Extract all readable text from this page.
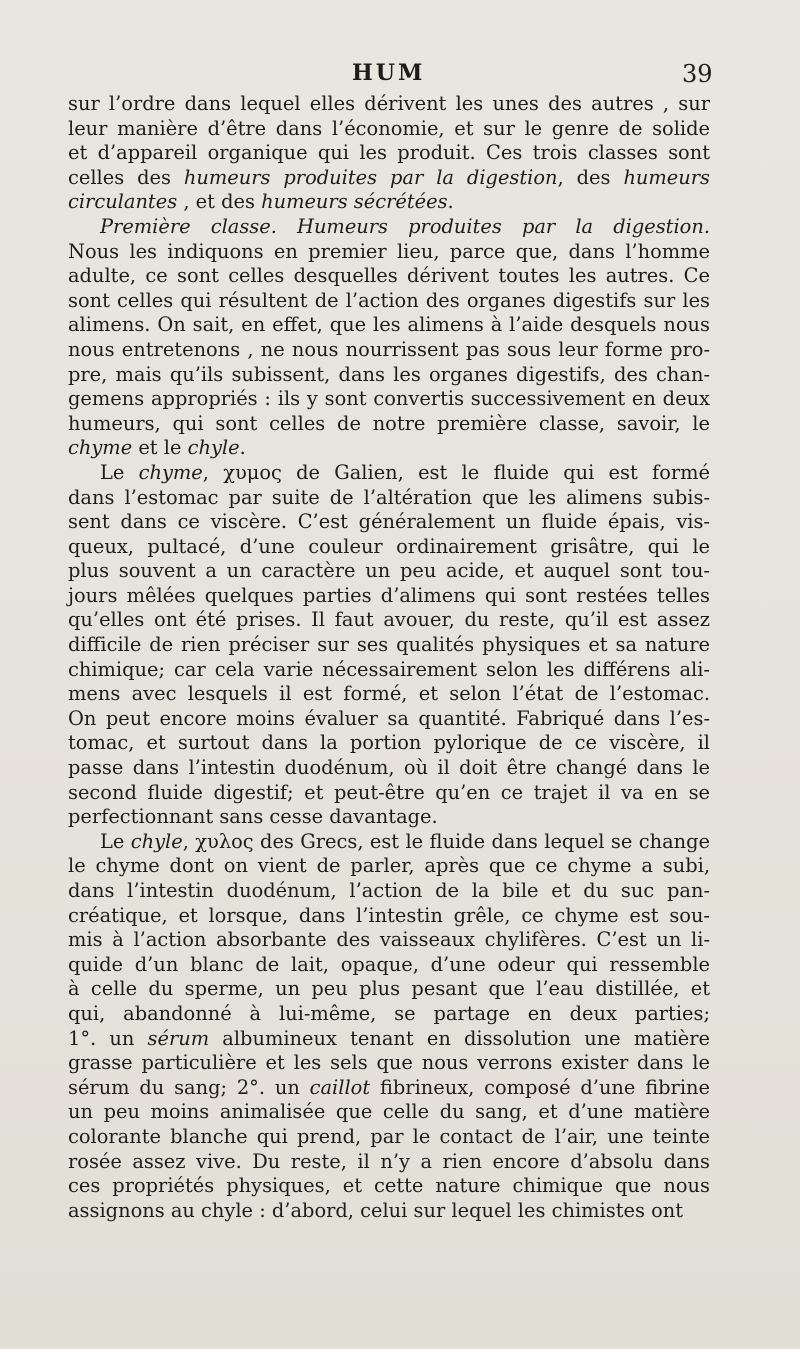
HUM	39
sur l’ordre dans lequel elles dérivent les unes des autres , sur
leur manière d’être dans l’économie, et sur le genre de solide
et d’appareil organique qui les produit. Ces trois classes sont
celles des humeurs produites par la digestion, des humeurs
circulantes , et des humeurs sécrétées.
Première classe. Humeurs produites par la digestion.
Nous les indiquons en premier lieu, parce que, dans l’homme
adulte, ce sont celles desquelles dérivent toutes les autres. Ce
sont celles qui résultent de l’action des organes digestifs sur les
alimens. On sait, en effet, que les alimens à l’aide desquels nous
nous entretenons , ne nous nourrissent pas sous leur forme pro-
pre, mais qu’ils subissent, dans les organes digestifs, des chan-
gemens appropriés : ils y sont convertis successivement en deux
humeurs, qui sont celles de notre première classe, savoir, le
chyme et le chyle.
Le chyme, χυμος de Galien, est le fluide qui est formé
dans l’estomac par suite de l’altération que les alimens subis-
sent dans ce viscère. C’est généralement un fluide épais, vis-
queux, pultacé, d’une couleur ordinairement grisâtre, qui le
plus souvent a un caractère un peu acide, et auquel sont tou-
jours mêlées quelques parties d’alimens qui sont restées telles
qu’elles ont été prises. Il faut avouer, du reste, qu’il est assez
difficile de rien préciser sur ses qualités physiques et sa nature
chimique; car cela varie nécessairement selon les différens ali-
mens avec lesquels il est formé, et selon l’état de l’estomac.
On peut encore moins évaluer sa quantité. Fabriqué dans l’es-
tomac, et surtout dans la portion pylorique de ce viscère, il
passe dans l’intestin duodénum, où il doit être changé dans le
second fluide digestif; et peut-être qu’en ce trajet il va en se
perfectionnant sans cesse davantage.
Le chyle, χυλος des Grecs, est le fluide dans lequel se change
le chyme dont on vient de parler, après que ce chyme a subi,
dans l’intestin duodénum, l’action de la bile et du suc pan-
créatique, et lorsque, dans l’intestin grêle, ce chyme est sou-
mis à l’action absorbante des vaisseaux chylifères. C’est un li-
quide d’un blanc de lait, opaque, d’une odeur qui ressemble
à celle du sperme, un peu plus pesant que l’eau distillée, et
qui, abandonné à lui-même, se partage en deux parties;
1°. un sérum albumineux tenant en dissolution une matière
grasse particulière et les sels que nous verrons exister dans le
sérum du sang; 2°. un caillot fibrineux, composé d’une fibrine
un peu moins animalisée que celle du sang, et d’une matière
colorante blanche qui prend, par le contact de l’air, une teinte
rosée assez vive. Du reste, il n’y a rien encore d’absolu dans
ces propriétés physiques, et cette nature chimique que nous
assignons au chyle : d’abord, celui sur lequel les chimistes ont
